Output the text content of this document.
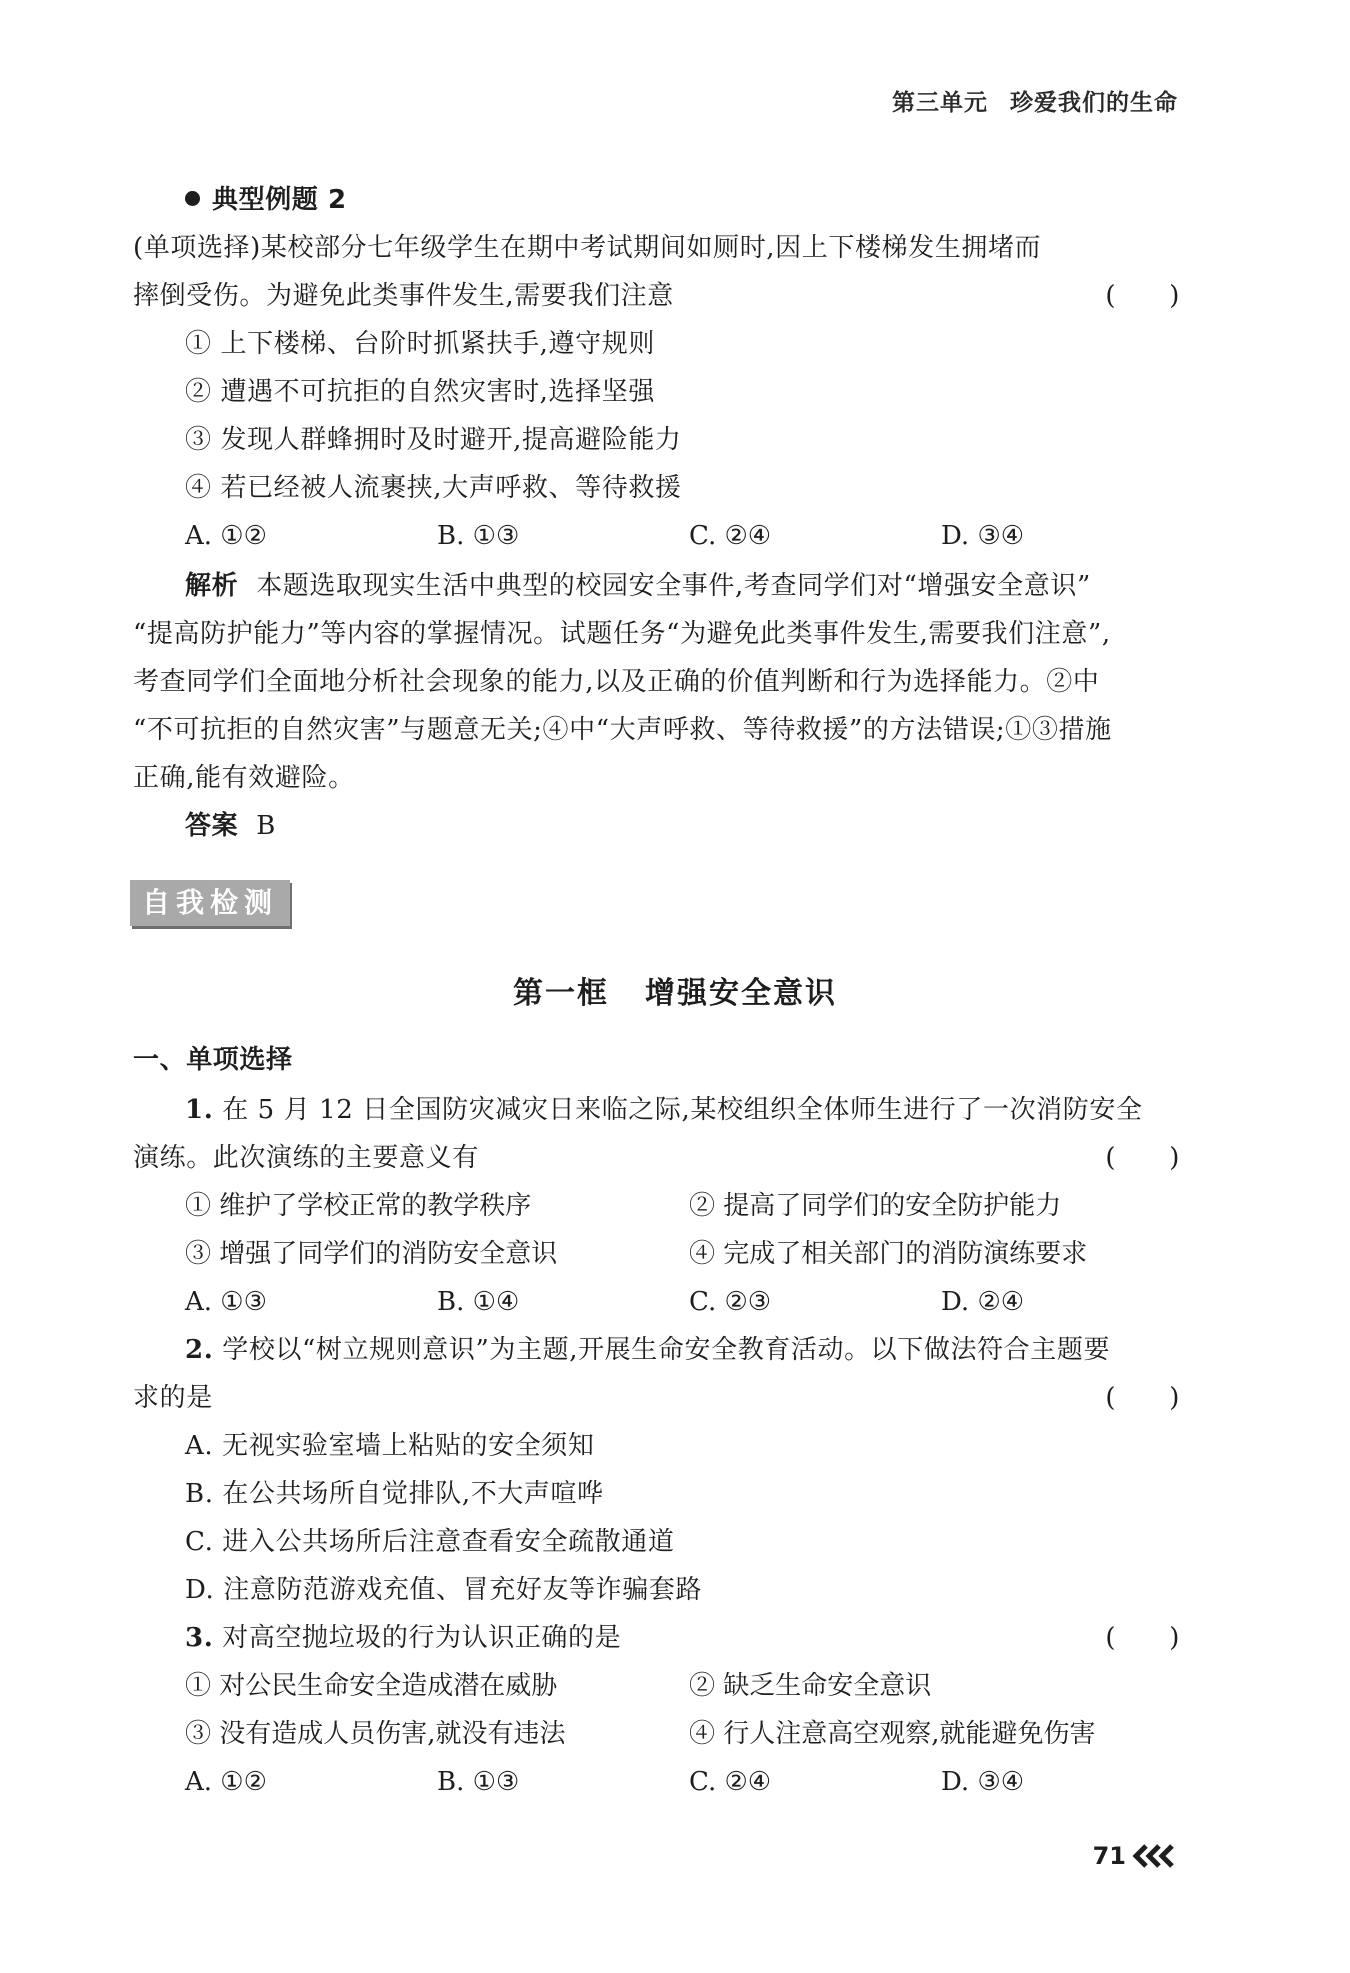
第三单元 珍爱我们的生命
典型例题 2
(单项选择)某校部分七年级学生在期中考试期间如厕时,因上下楼梯发生拥堵而
摔倒受伤。为避免此类事件发生,需要我们注意	(　　)
① 上下楼梯、台阶时抓紧扶手,遵守规则
② 遭遇不可抗拒的自然灾害时,选择坚强
③ 发现人群蜂拥时及时避开,提高避险能力
④ 若已经被人流裹挟,大声呼救、等待救援
A. ①②	B. ①③	C. ②④	D. ③④
解析 本题选取现实生活中典型的校园安全事件,考查同学们对“增强安全意识”
“提高防护能力”等内容的掌握情况。试题任务“为避免此类事件发生,需要我们注意”,
考查同学们全面地分析社会现象的能力,以及正确的价值判断和行为选择能力。②中
“不可抗拒的自然灾害”与题意无关;④中“大声呼救、等待救援”的方法错误;①③措施
正确,能有效避险。
答案 B
自我检测
第一框 增强安全意识
一、单项选择
1. 在 5 月 12 日全国防灾减灾日来临之际,某校组织全体师生进行了一次消防安全
演练。此次演练的主要意义有	(　　)
① 维护了学校正常的教学秩序	② 提高了同学们的安全防护能力
③ 增强了同学们的消防安全意识	④ 完成了相关部门的消防演练要求
A. ①③	B. ①④	C. ②③	D. ②④
2. 学校以“树立规则意识”为主题,开展生命安全教育活动。以下做法符合主题要
求的是	(　　)
A. 无视实验室墙上粘贴的安全须知
B. 在公共场所自觉排队,不大声喧哗
C. 进入公共场所后注意查看安全疏散通道
D. 注意防范游戏充值、冒充好友等诈骗套路
3. 对高空抛垃圾的行为认识正确的是	(　　)
① 对公民生命安全造成潜在威胁	② 缺乏生命安全意识
③ 没有造成人员伤害,就没有违法	④ 行人注意高空观察,就能避免伤害
A. ①②	B. ①③	C. ②④	D. ③④
71
